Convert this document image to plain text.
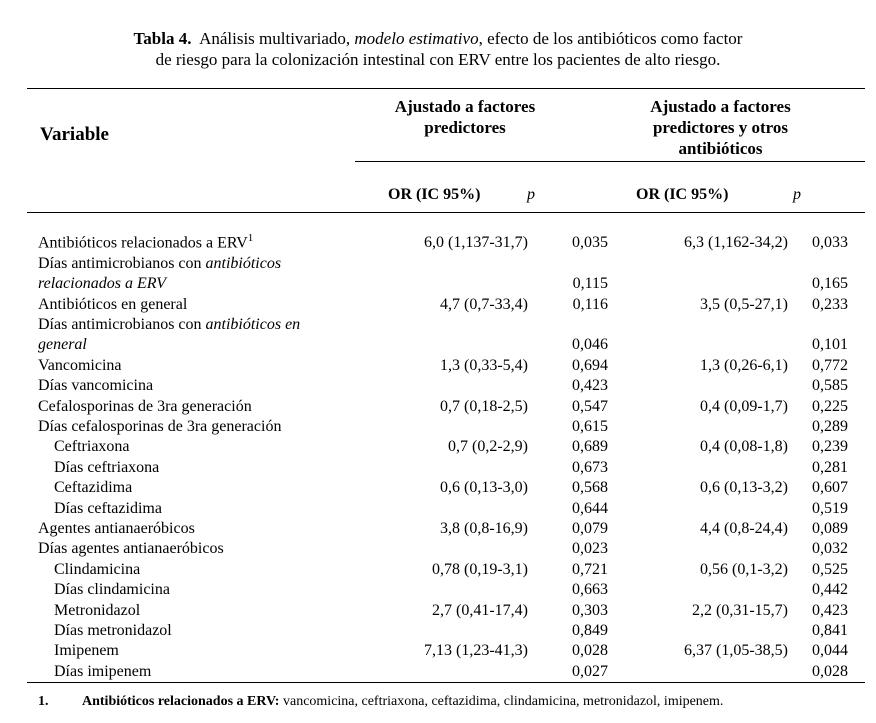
Tabla 4. Análisis multivariado, modelo estimativo, efecto de los antibióticos como factor
de riesgo para la colonización intestinal con ERV entre los pacientes de alto riesgo.
Variable
Ajustado a factores predictores
Ajustado a factores predictores y otros antibióticos
OR (IC 95%)	p	OR (IC 95%)	p
Antibióticos relacionados a ERV$^1$	6,0 (1,137-31,7)	0,035	6,3 (1,162-34,2)	0,033
Días antimicrobianos con antibióticos				
relacionados a ERV		0,115		0,165
Antibióticos en general	4,7 (0,7-33,4)	0,116	3,5 (0,5-27,1)	0,233
Días antimicrobianos con antibióticos en				
general		0,046		0,101
Vancomicina	1,3 (0,33-5,4)	0,694	1,3 (0,26-6,1)	0,772
Días vancomicina		0,423		0,585
Cefalosporinas de 3ra generación	0,7 (0,18-2,5)	0,547	0,4 (0,09-1,7)	0,225
Días cefalosporinas de 3ra generación		0,615		0,289
Ceftriaxona	0,7 (0,2-2,9)	0,689	0,4 (0,08-1,8)	0,239
Días ceftriaxona		0,673		0,281
Ceftazidima	0,6 (0,13-3,0)	0,568	0,6 (0,13-3,2)	0,607
Días ceftazidima		0,644		0,519
Agentes antianaeróbicos	3,8 (0,8-16,9)	0,079	4,4 (0,8-24,4)	0,089
Días agentes antianaeróbicos		0,023		0,032
Clindamicina	0,78 (0,19-3,1)	0,721	0,56 (0,1-3,2)	0,525
Días clindamicina		0,663		0,442
Metronidazol	2,7 (0,41-17,4)	0,303	2,2 (0,31-15,7)	0,423
Días metronidazol		0,849		0,841
Imipenem	7,13 (1,23-41,3)	0,028	6,37 (1,05-38,5)	0,044
Días imipenem		0,027		0,028
1. Antibióticos relacionados a ERV: vancomicina, ceftriaxona, ceftazidima, clindamicina, metronidazol, imipenem.
